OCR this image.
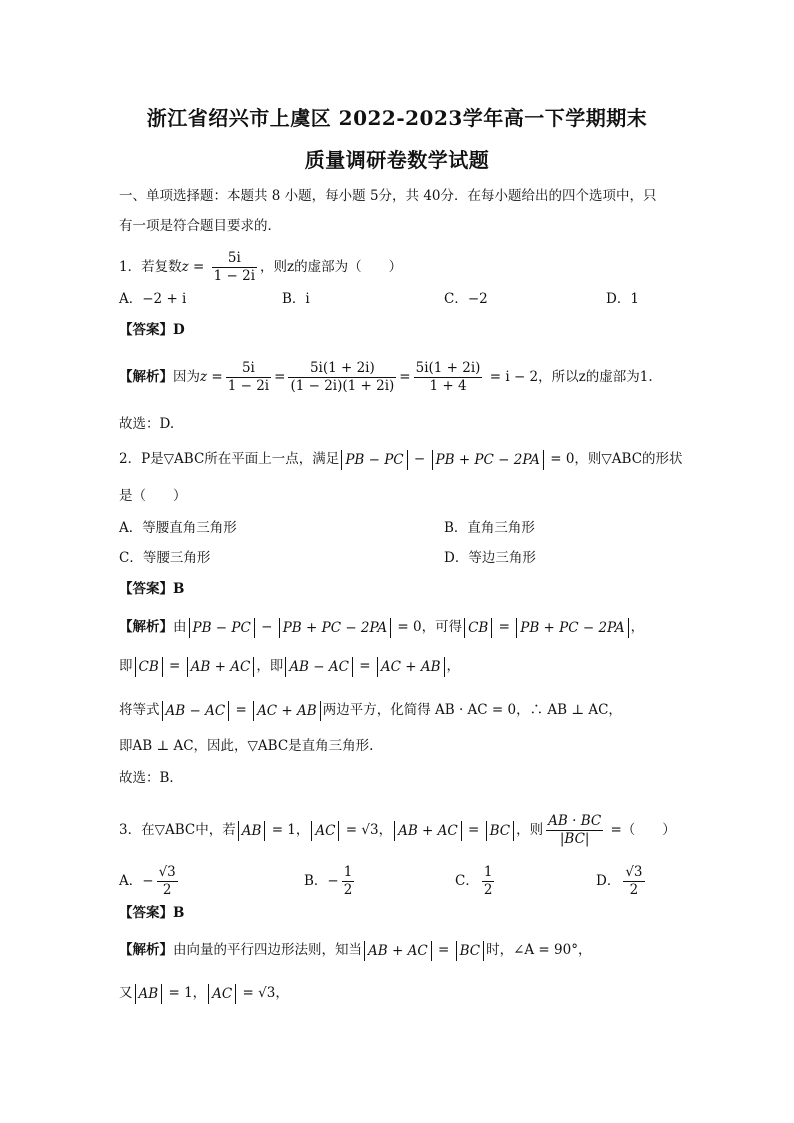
浙江省绍兴市上虞区 2022-2023学年高一下学期期末
质量调研卷数学试题
一、单项选择题：本题共 8 小题，每小题 5分，共 40分．在每小题给出的四个选项中，只
有一项是符合题目要求的．
1．若复数$z = \frac{5i}{1 - 2i}$ ，则z的虚部为（　　）
A．−2 + i	B．i	C．−2	D．1
【答案】D
【解析】因为$z = \frac{5i}{1 - 2i} = \frac{5i(1 + 2i)}{(1 - 2i)(1 + 2i)} = \frac{5i(1 + 2i)}{1 + 4} = i - 2$，所以z的虚部为1.
故选：D.
2．P是▽ABC所在平面上一点，满足 PB − PC − PB + PC − 2PA = 0，则▽ABC的形状
是（　　）
A．等腰直角三角形	B．直角三角形
C．等腰三角形	D．等边三角形
【答案】B
【解析】由 PB − PC − PB + PC − 2PA = 0，可得 CB = PB + PC − 2PA ，
即 CB = AB + AC ，即 AB − AC = AC + AB ，
将等式 AB − AC = AC + AB 两边平方，化简得 AB · AC = 0，∴ AB ⊥ AC，
即AB ⊥ AC，因此，▽ABC是直角三角形.
故选：B．
3．在▽ABC中，若 AB = 1， AC = √3， AB + AC = BC ，则 $\frac{AB \cdot BC}{|BC|}$ =（　　）
A．− $\frac{√3}{2}$	B．− $\frac{1}{2}$	C． $\frac{1}{2}$	D． $\frac{√3}{2}$
【答案】B
【解析】由向量的平行四边形法则，知当 AB + AC = BC 时，∠A = 90°，
又 AB = 1， AC = √3，
